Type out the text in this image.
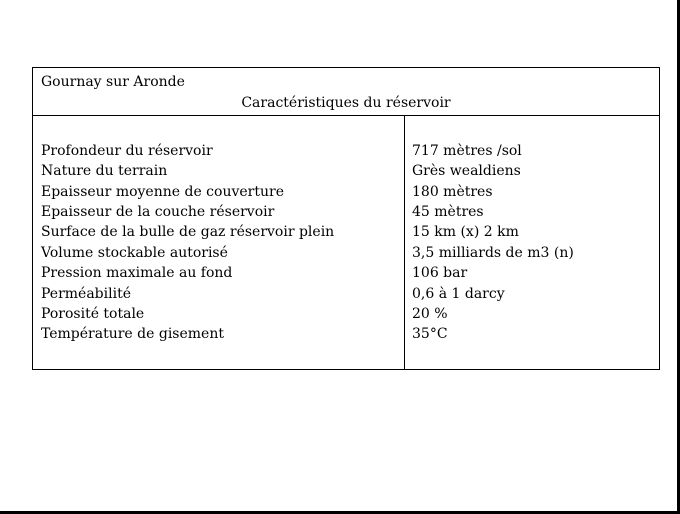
Gournay sur Aronde
Caractéristiques du réservoir
Profondeur du réservoir	717 mètres /sol
Nature du terrain	Grès wealdiens
Epaisseur moyenne de couverture	180 mètres
Epaisseur de la couche réservoir	45 mètres
Surface de la bulle de gaz réservoir plein	15 km (x) 2 km
Volume stockable autorisé	3,5 milliards de m3 (n)
Pression maximale au fond	106 bar
Perméabilité	0,6 à 1 darcy
Porosité totale	20 %
Température de gisement	35°C
